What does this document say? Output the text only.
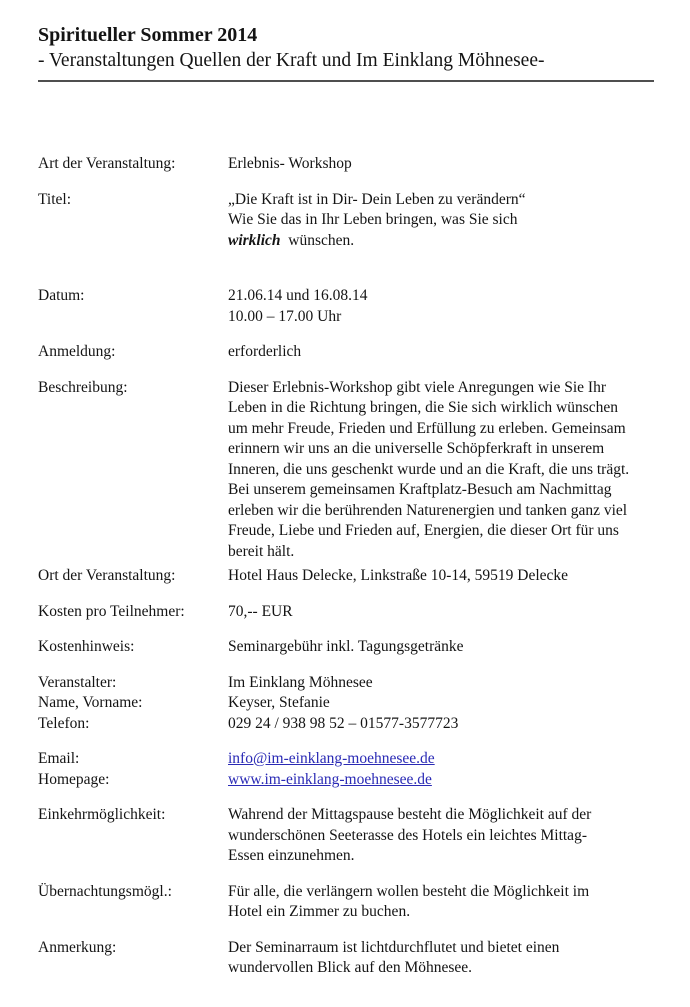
Spiritueller Sommer 2014
- Veranstaltungen Quellen der Kraft und Im Einklang Möhnesee-
Art der Veranstaltung:	Erlebnis- Workshop
Titel:	„Die Kraft ist in Dir- Dein Leben zu verändern“
Wie Sie das in Ihr Leben bringen, was Sie sich
wirklich  wünschen.
Datum:	21.06.14 und 16.08.14
10.00 – 17.00 Uhr
Anmeldung:	erforderlich
Beschreibung:	Dieser Erlebnis-Workshop gibt viele Anregungen wie Sie Ihr
Leben in die Richtung bringen, die Sie sich wirklich wünschen
um mehr Freude, Frieden und Erfüllung zu erleben. Gemeinsam
erinnern wir uns an die universelle Schöpferkraft in unserem
Inneren, die uns geschenkt wurde und an die Kraft, die uns trägt.
Bei unserem gemeinsamen Kraftplatz-Besuch am Nachmittag
erleben wir die berührenden Naturenergien und tanken ganz viel
Freude, Liebe und Frieden auf, Energien, die dieser Ort für uns
bereit hält.
Ort der Veranstaltung:	Hotel Haus Delecke, Linkstraße 10-14, 59519 Delecke
Kosten pro Teilnehmer:	70,-- EUR
Kostenhinweis:	Seminargebühr inkl. Tagungsgetränke
Veranstalter:	Im Einklang Möhnesee
Name, Vorname:	Keyser, Stefanie
Telefon:	029 24 / 938 98 52 – 01577-3577723
Email:	info@im-einklang-moehnesee.de
Homepage:	www.im-einklang-moehnesee.de
Einkehrmöglichkeit:	Wahrend der Mittagspause besteht die Möglichkeit auf der
wunderschönen Seeterasse des Hotels ein leichtes Mittag-
Essen einzunehmen.
Übernachtungsmögl.:	Für alle, die verlängern wollen besteht die Möglichkeit im
Hotel ein Zimmer zu buchen.
Anmerkung:	Der Seminarraum ist lichtdurchflutet und bietet einen
wundervollen Blick auf den Möhnesee.
